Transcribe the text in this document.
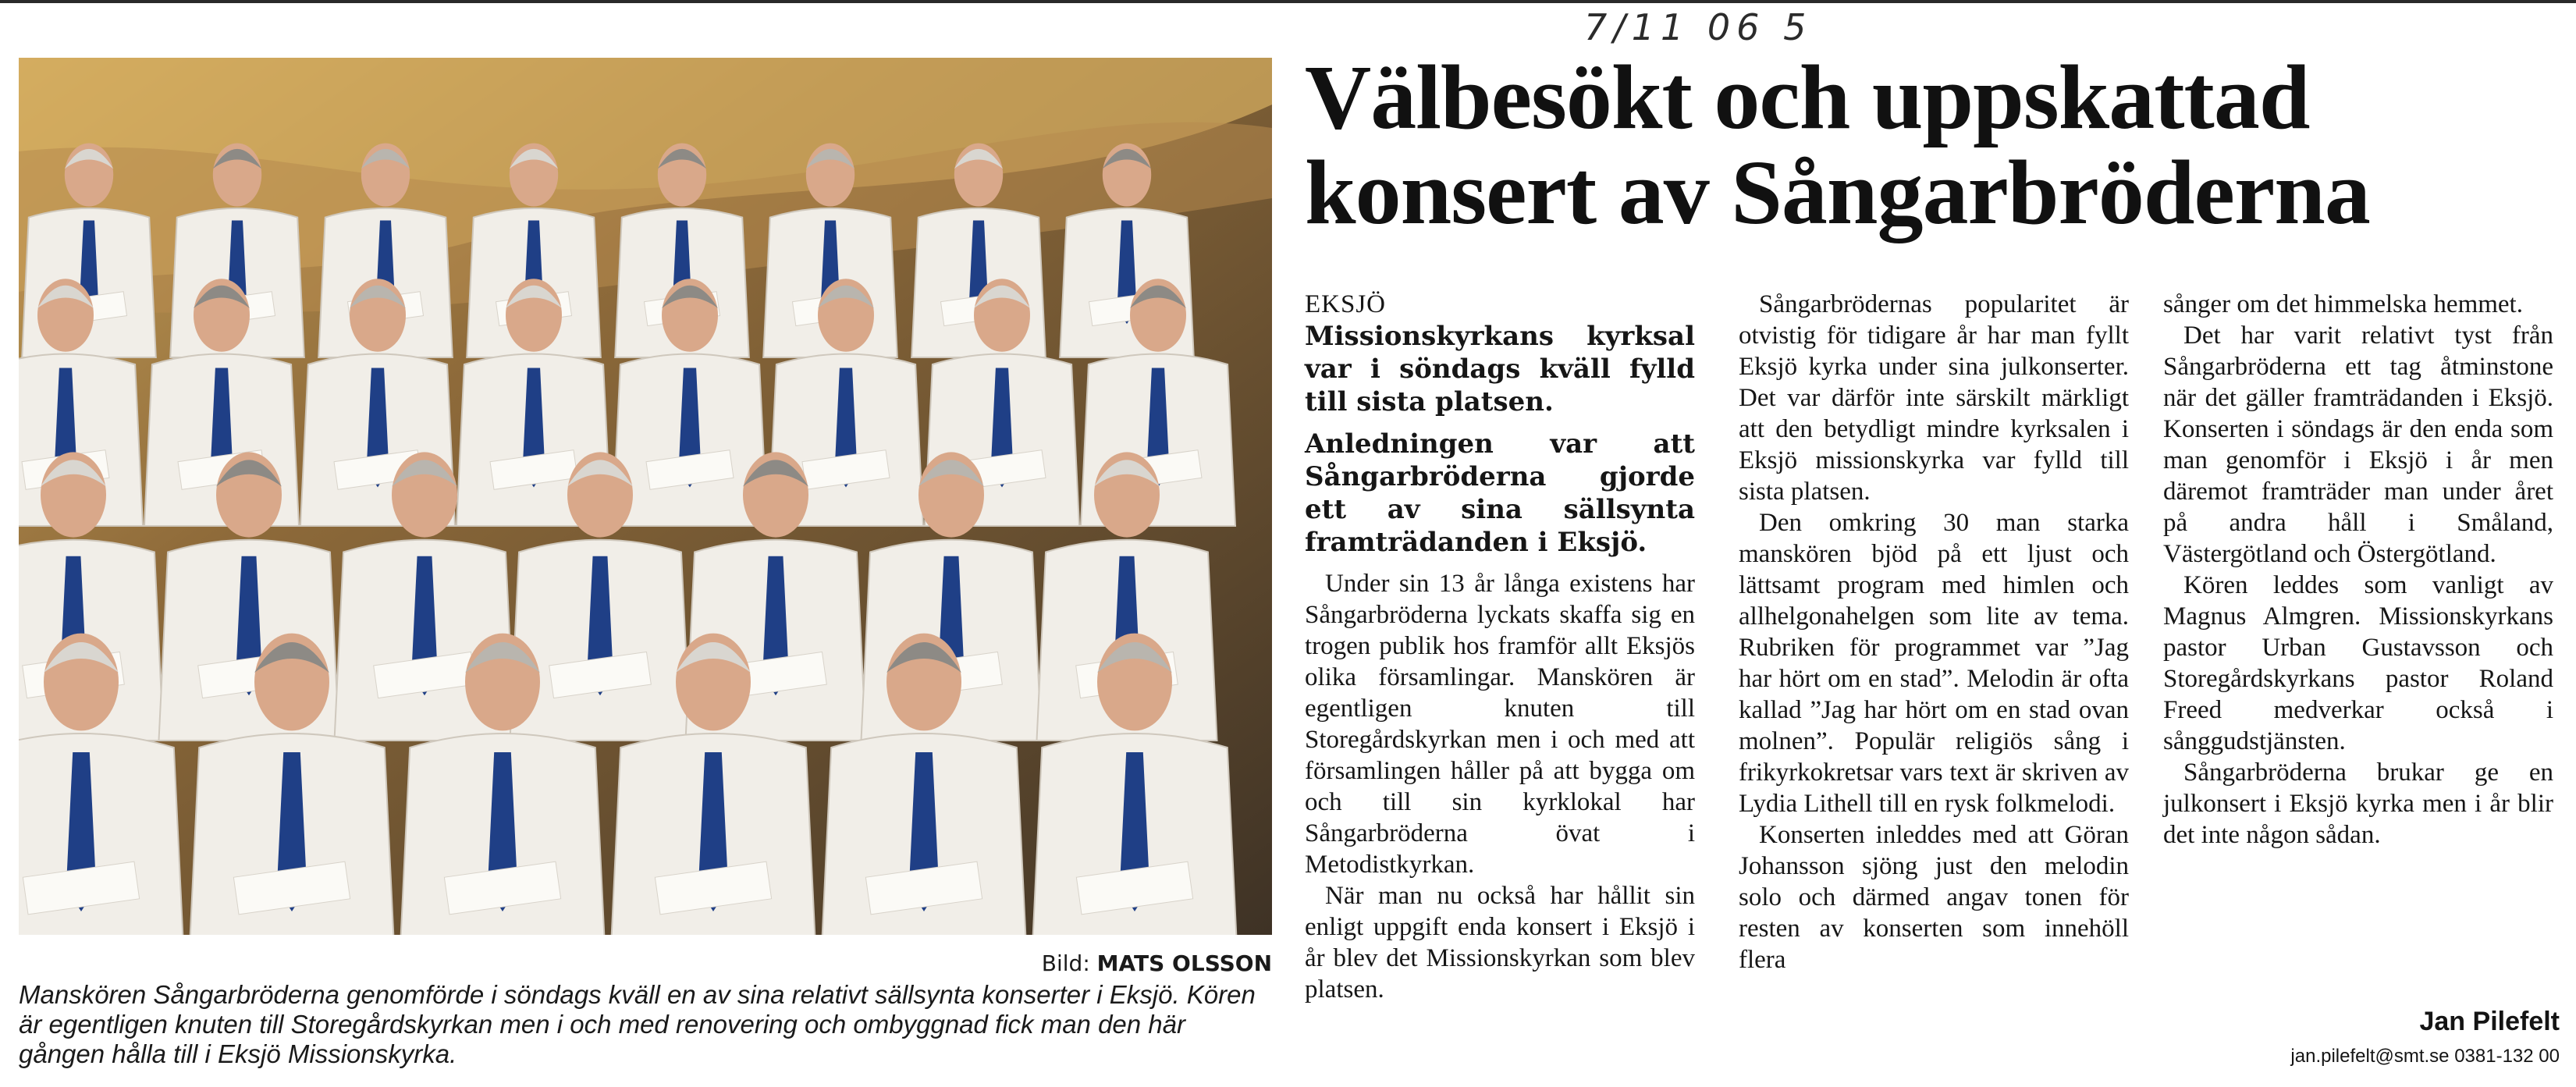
7/11 06 5
Bild: MATS OLSSON
Manskören Sångarbröderna genomförde i söndags kväll en av sina relativt sällsynta konserter i Eksjö. Kören är egentligen knuten till Storegårdskyrkan men i och med renovering och ombyggnad fick man den här gången hålla till i Eksjö Missionskyrka.
Välbesökt och uppskattad konsert av Sångarbröderna

EKSJÖ

Missionskyrkans kyrksal var i söndags kväll fylld till sista platsen.

Anledningen var att Sångarbröderna gjorde ett av sina sällsynta framträdanden i Eksjö.

Under sin 13 år långa existens har Sångarbröderna lyckats skaffa sig en trogen publik hos framför allt Eksjös olika församlingar. Manskören är egentligen knuten till Storegårdskyrkan men i och med att församlingen håller på att bygga om och till sin kyrklokal har Sångarbröderna övat i Metodistkyrkan.

När man nu också har hållit sin enligt uppgift enda konsert i Eksjö i år blev det Missionskyrkan som blev platsen.

Sångarbrödernas popularitet är otvistig för tidigare år har man fyllt Eksjö kyrka under sina julkonserter. Det var därför inte särskilt märkligt att den betydligt mindre kyrksalen i Eksjö missionskyrka var fylld till sista platsen.

Den omkring 30 man starka manskören bjöd på ett ljust och lättsamt program med himlen och allhelgonahelgen som lite av tema. Rubriken för programmet var ”Jag har hört om en stad”. Melodin är ofta kallad ”Jag har hört om en stad ovan molnen”. Populär religiös sång i frikyrkokretsar vars text är skriven av Lydia Lithell till en rysk folkmelodi.

Konserten inleddes med att Göran Johansson sjöng just den melodin solo och därmed angav tonen för resten av konserten som innehöll flera

sånger om det himmelska hemmet.

Det har varit relativt tyst från Sångarbröderna ett tag åtminstone när det gäller framträdanden i Eksjö. Konserten i söndags är den enda som man genomför i Eksjö i år men däremot framträder man under året på andra håll i Småland, Västergötland och Östergötland.

Kören leddes som vanligt av Magnus Almgren. Missionskyrkans pastor Urban Gustavsson och Storegårdskyrkans pastor Roland Freed medverkar också i sånggudstjänsten.

Sångarbröderna brukar ge en julkonsert i Eksjö kyrka men i år blir det inte någon sådan.

Jan Pilefelt
jan.pilefelt@smt.se 0381-132 00
